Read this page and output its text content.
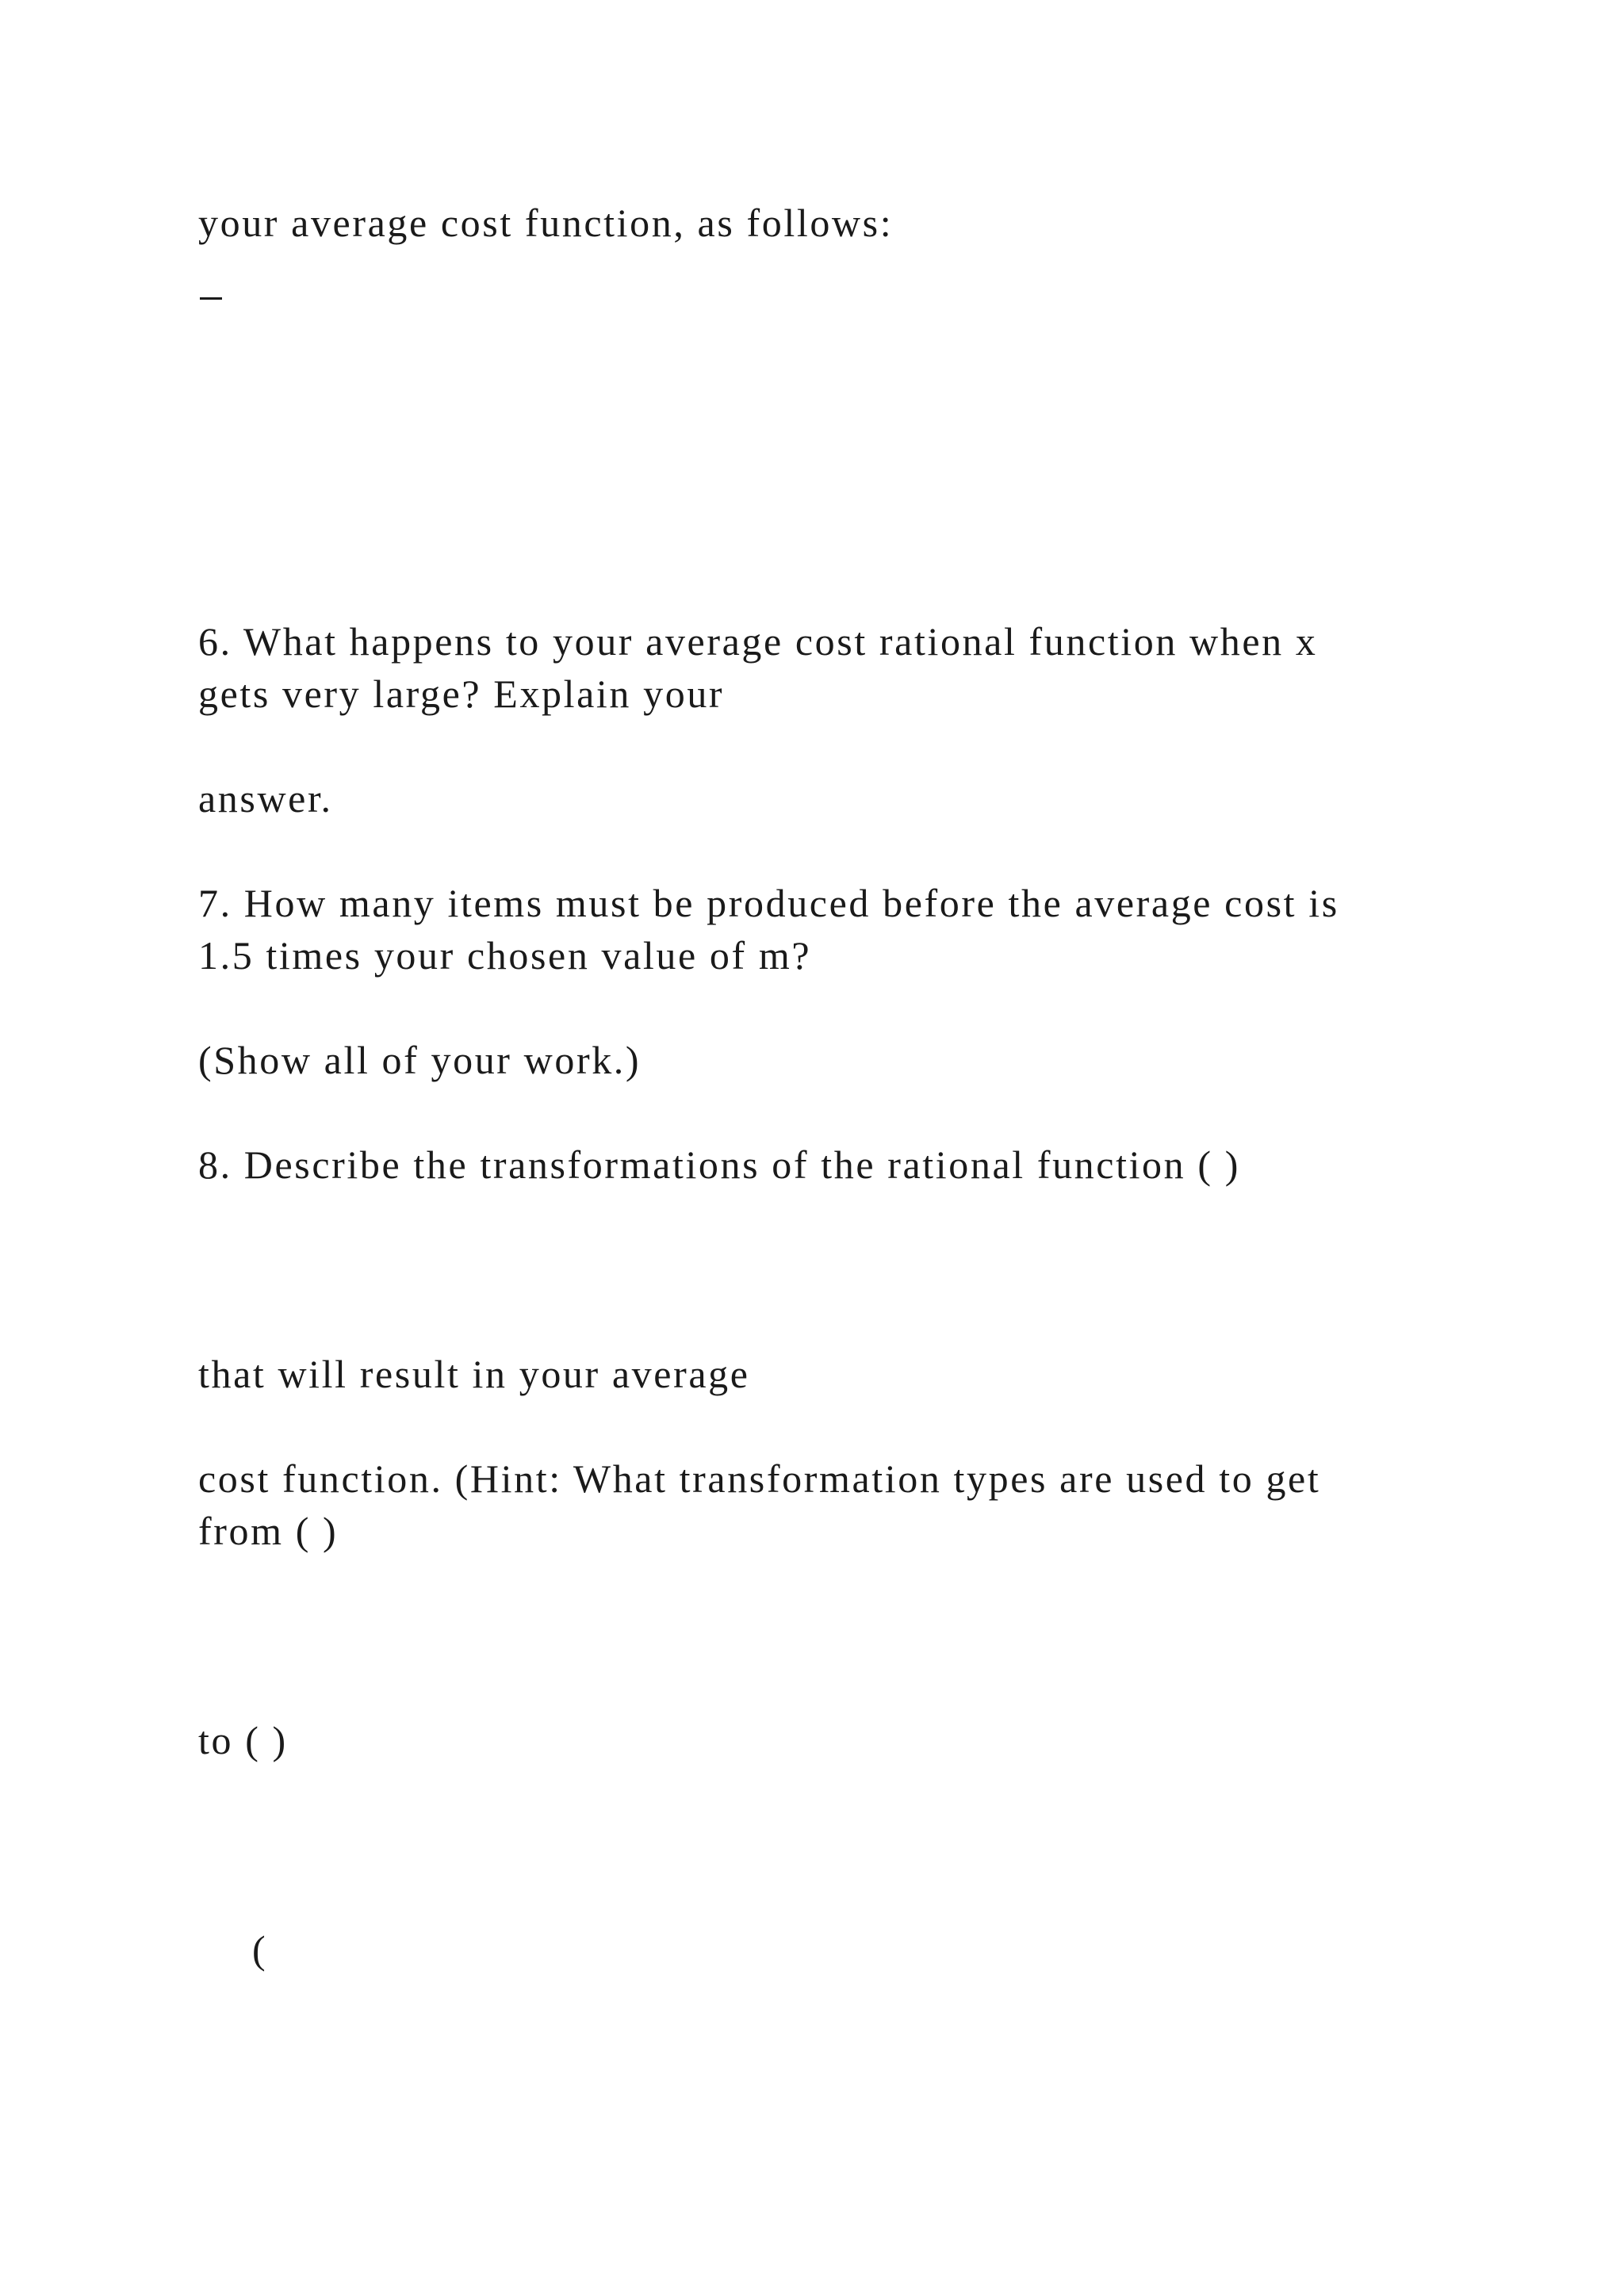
your average cost function, as follows:

6. What happens to your average cost rational function when x

gets very large? Explain your

answer.

7. How many items must be produced before the average cost is

1.5 times your chosen value of m?

(Show all of your work.)

8. Describe the transformations of the rational function ( )

that will result in your average

cost function. (Hint: What transformation types are used to get

from ( )

to ( )

(
